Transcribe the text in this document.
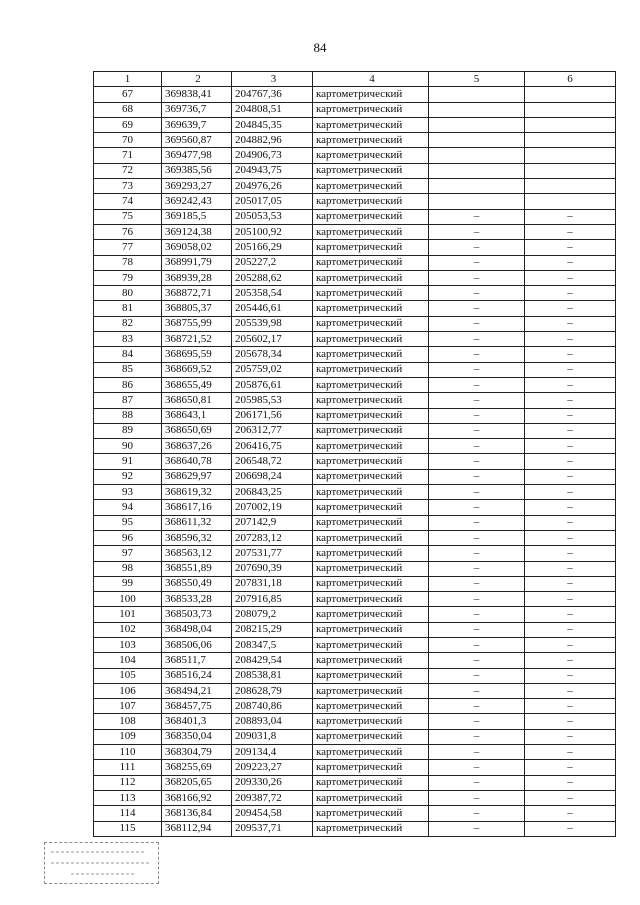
84
1	2	3	4	5	6
67	369838,41	204767,36	картометрический		
68	369736,7	204808,51	картометрический		
69	369639,7	204845,35	картометрический		
70	369560,87	204882,96	картометрический		
71	369477,98	204906,73	картометрический		
72	369385,56	204943,75	картометрический		
73	369293,27	204976,26	картометрический		
74	369242,43	205017,05	картометрический		
75	369185,5	205053,53	картометрический	–	–
76	369124,38	205100,92	картометрический	–	–
77	369058,02	205166,29	картометрический	–	–
78	368991,79	205227,2	картометрический	–	–
79	368939,28	205288,62	картометрический	–	–
80	368872,71	205358,54	картометрический	–	–
81	368805,37	205446,61	картометрический	–	–
82	368755,99	205539,98	картометрический	–	–
83	368721,52	205602,17	картометрический	–	–
84	368695,59	205678,34	картометрический	–	–
85	368669,52	205759,02	картометрический	–	–
86	368655,49	205876,61	картометрический	–	–
87	368650,81	205985,53	картометрический	–	–
88	368643,1	206171,56	картометрический	–	–
89	368650,69	206312,77	картометрический	–	–
90	368637,26	206416,75	картометрический	–	–
91	368640,78	206548,72	картометрический	–	–
92	368629,97	206698,24	картометрический	–	–
93	368619,32	206843,25	картометрический	–	–
94	368617,16	207002,19	картометрический	–	–
95	368611,32	207142,9	картометрический	–	–
96	368596,32	207283,12	картометрический	–	–
97	368563,12	207531,77	картометрический	–	–
98	368551,89	207690,39	картометрический	–	–
99	368550,49	207831,18	картометрический	–	–
100	368533,28	207916,85	картометрический	–	–
101	368503,73	208079,2	картометрический	–	–
102	368498,04	208215,29	картометрический	–	–
103	368506,06	208347,5	картометрический	–	–
104	368511,7	208429,54	картометрический	–	–
105	368516,24	208538,81	картометрический	–	–
106	368494,21	208628,79	картометрический	–	–
107	368457,75	208740,86	картометрический	–	–
108	368401,3	208893,04	картометрический	–	–
109	368350,04	209031,8	картометрический	–	–
110	368304,79	209134,4	картометрический	–	–
111	368255,69	209223,27	картометрический	–	–
112	368205,65	209330,26	картометрический	–	–
113	368166,92	209387,72	картометрический	–	–
114	368136,84	209454,58	картометрический	–	–
115	368112,94	209537,71	картометрический	–	–
